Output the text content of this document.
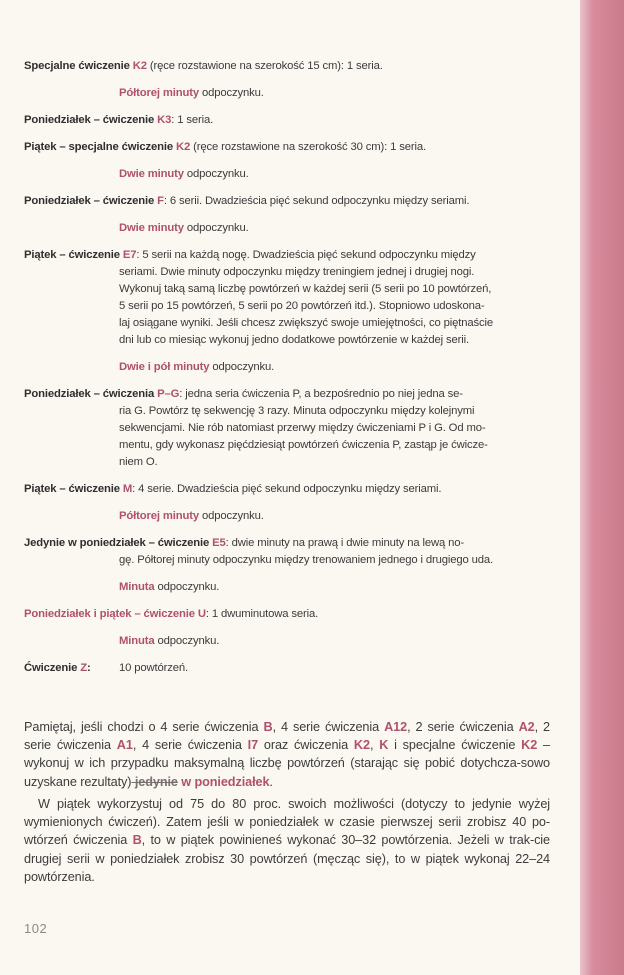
Specjalne ćwiczenie K2 (ręce rozstawione na szerokość 15 cm): 1 seria.
Półtorej minuty odpoczynku.
Poniedziałek – ćwiczenie K3: 1 seria.
Piątek – specjalne ćwiczenie K2 (ręce rozstawione na szerokość 30 cm): 1 seria.
Dwie minuty odpoczynku.
Poniedziałek – ćwiczenie F: 6 serii. Dwadzieścia pięć sekund odpoczynku między seriami.
Dwie minuty odpoczynku.
Piątek – ćwiczenie E7: 5 serii na każdą nogę. Dwadzieścia pięć sekund odpoczynku między
seriami. Dwie minuty odpoczynku między treningiem jednej i drugiej nogi.
Wykonuj taką samą liczbę powtórzeń w każdej serii (5 serii po 10 powtórzeń,
5 serii po 15 powtórzeń, 5 serii po 20 powtórzeń itd.). Stopniowo udoskona-
laj osiągane wyniki. Jeśli chcesz zwiększyć swoje umiejętności, co piętnaście
dni lub co miesiąc wykonuj jedno dodatkowe powtórzenie w każdej serii.
Dwie i pół minuty odpoczynku.
Poniedziałek – ćwiczenia P–G: jedna seria ćwiczenia P, a bezpośrednio po niej jedna se-
ria G. Powtórz tę sekwencję 3 razy. Minuta odpoczynku między kolejnymi
sekwencjami. Nie rób natomiast przerwy między ćwiczeniami P i G. Od mo-
mentu, gdy wykonasz pięćdziesiąt powtórzeń ćwiczenia P, zastąp je ćwicze-
niem O.
Piątek – ćwiczenie M: 4 serie. Dwadzieścia pięć sekund odpoczynku między seriami.
Półtorej minuty odpoczynku.
Jedynie w poniedziałek – ćwiczenie E5: dwie minuty na prawą i dwie minuty na lewą no-
gę. Półtorej minuty odpoczynku między trenowaniem jednego i drugiego uda.
Minuta odpoczynku.
Poniedziałek i piątek – ćwiczenie U: 1 dwuminutowa seria.
Minuta odpoczynku.
Ćwiczenie Z:	10 powtórzeń.
Pamiętaj, jeśli chodzi o 4 serie ćwiczenia B, 4 serie ćwiczenia A12, 2 serie ćwiczenia A2, 2 serie ćwiczenia A1, 4 serie ćwiczenia I7 oraz ćwiczenia K2, K i specjalne ćwiczenie K2 – wykonuj w ich przypadku maksymalną liczbę powtórzeń (starając się pobić dotychcza-sowo uzyskane rezultaty) jedynie w poniedziałek.
W piątek wykorzystuj od 75 do 80 proc. swoich możliwości (dotyczy to jedynie wyżej wymienionych ćwiczeń). Zatem jeśli w poniedziałek w czasie pierwszej serii zrobisz 40 po-wtórzeń ćwiczenia B, to w piątek powinieneś wykonać 30–32 powtórzenia. Jeżeli w trak-cie drugiej serii w poniedziałek zrobisz 30 powtórzeń (męcząc się), to w piątek wykonaj 22–24 powtórzenia.
102
